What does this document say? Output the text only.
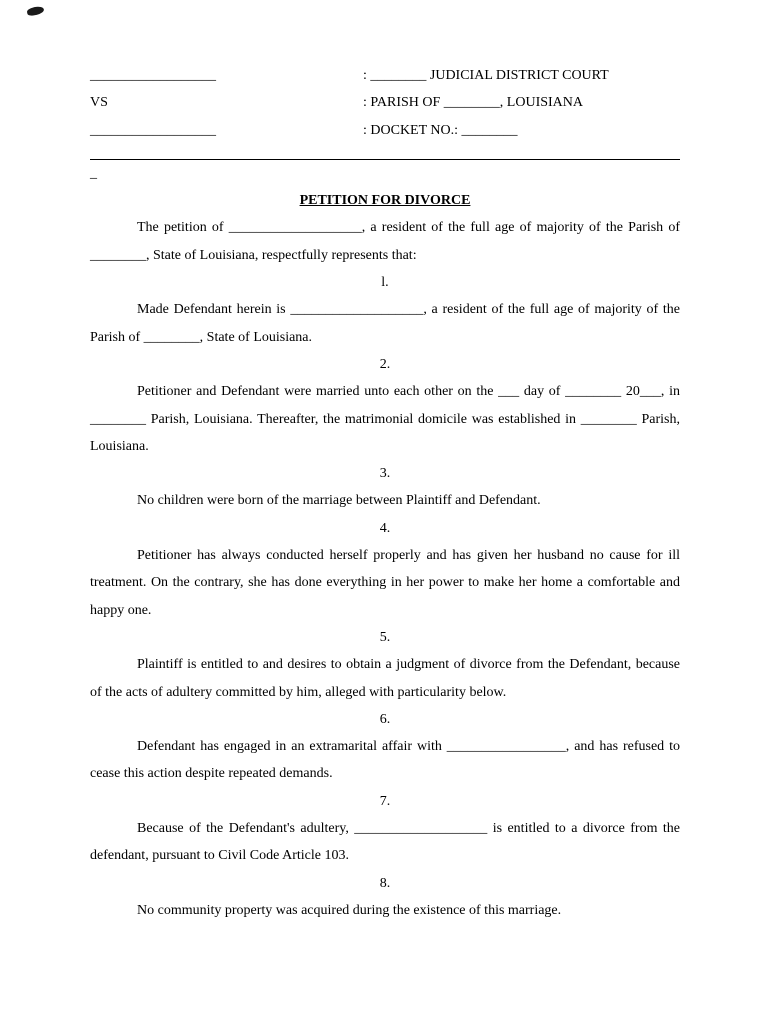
__________________	: ________ JUDICIAL DISTRICT COURT
VS	: PARISH OF ________, LOUISIANA
__________________	: DOCKET NO.: ________
_
PETITION FOR DIVORCE

The petition of ___________________, a resident of the full age of majority of the Parish of ________, State of Louisiana, respectfully represents that:

l.

Made Defendant herein is ___________________, a resident of the full age of majority of the Parish of ________, State of Louisiana.

2.

Petitioner and Defendant were married unto each other on the ___ day of ________ 20___, in ________ Parish, Louisiana. Thereafter, the matrimonial domicile was established in ________ Parish, Louisiana.

3.

No children were born of the marriage between Plaintiff and Defendant.

4.

Petitioner has always conducted herself properly and has given her husband no cause for ill treatment. On the contrary, she has done everything in her power to make her home a comfortable and happy one.

5.

Plaintiff is entitled to and desires to obtain a judgment of divorce from the Defendant, because of the acts of adultery committed by him, alleged with particularity below.

6.

Defendant has engaged in an extramarital affair with _________________, and has refused to cease this action despite repeated demands.

7.

Because of the Defendant's adultery, ___________________ is entitled to a divorce from the defendant, pursuant to Civil Code Article 103.

8.

No community property was acquired during the existence of this marriage.
